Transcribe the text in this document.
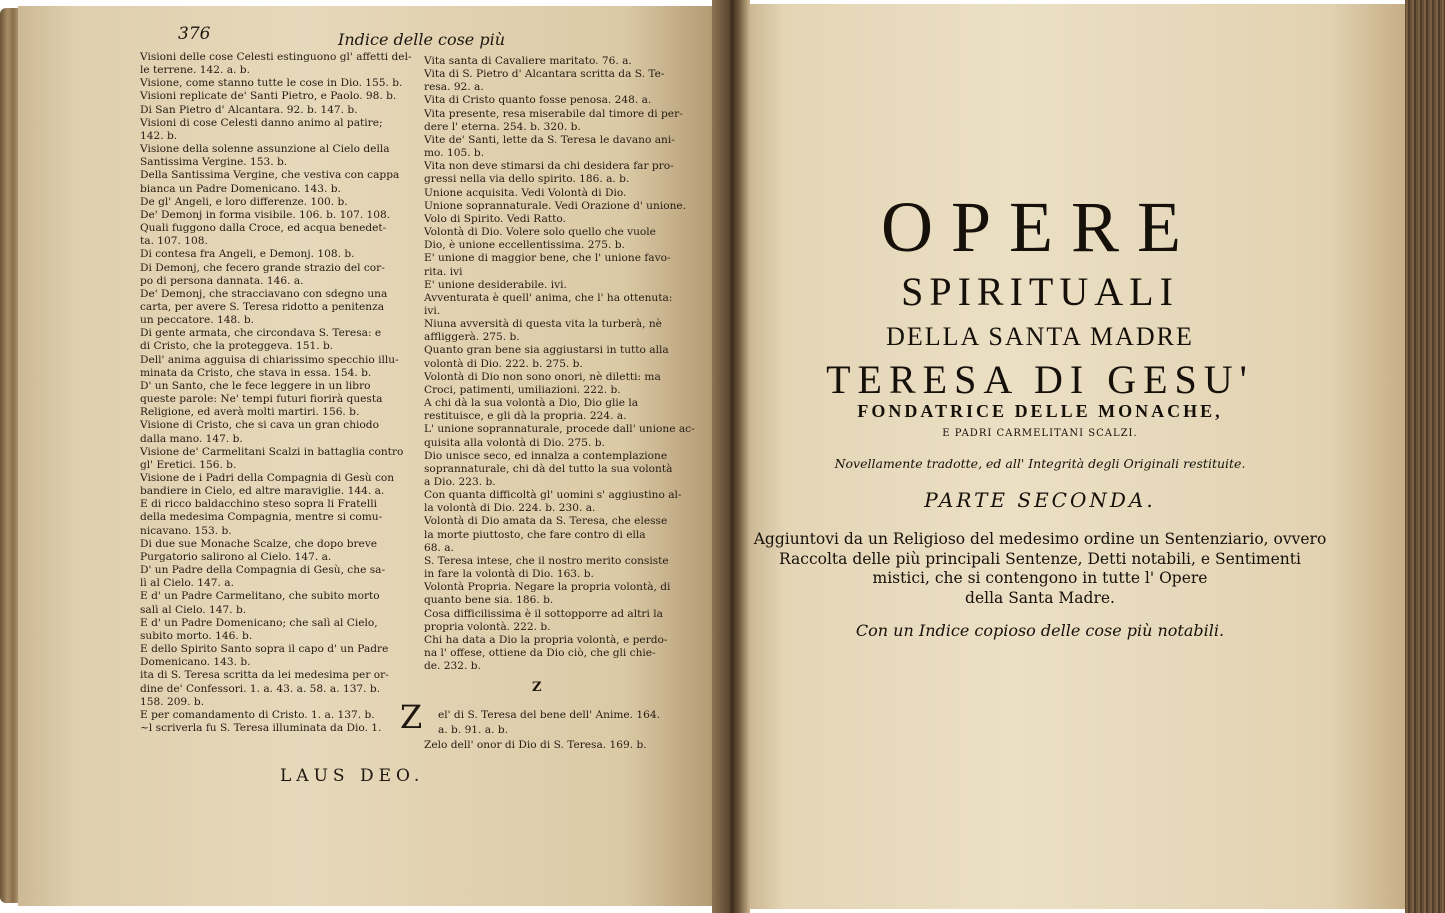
376	Indice delle cose più
Visioni delle cose Celesti estinguono gl' affetti del-
le terrene. 142. a. b.
Visione, come stanno tutte le cose in Dio. 155. b.
Visioni replicate de' Santi Pietro, e Paolo. 98. b.
Di San Pietro d' Alcantara. 92. b. 147. b.
Visioni di cose Celesti danno animo al patire;
142. b.
Visione della solenne assunzione al Cielo della
Santissima Vergine. 153. b.
Della Santissima Vergine, che vestiva con cappa
bianca un Padre Domenicano. 143. b.
De gl' Angeli, e loro differenze. 100. b.
De' Demonj in forma visibile. 106. b. 107. 108.
Quali fuggono dalla Croce, ed acqua benedet-
ta. 107. 108.
Di contesa fra Angeli, e Demonj. 108. b.
Di Demonj, che fecero grande strazio del cor-
po di persona dannata. 146. a.
De' Demonj, che stracciavano con sdegno una
carta, per avere S. Teresa ridotto a penitenza
un peccatore. 148. b.
Di gente armata, che circondava S. Teresa: e
di Cristo, che la proteggeva. 151. b.
Dell' anima agguisa di chiarissimo specchio illu-
minata da Cristo, che stava in essa. 154. b.
D' un Santo, che le fece leggere in un libro
queste parole: Ne' tempi futuri fiorirà questa
Religione, ed averà molti martiri. 156. b.
Visione di Cristo, che si cava un gran chiodo
dalla mano. 147. b.
Visione de' Carmelitani Scalzi in battaglia contro
gl' Eretici. 156. b.
Visione de i Padri della Compagnia di Gesù con
bandiere in Cielo, ed altre maraviglie. 144. a.
E di ricco baldacchino steso sopra li Fratelli
della medesima Compagnia, mentre si comu-
nicavano. 153. b.
Di due sue Monache Scalze, che dopo breve
Purgatorio salirono al Cielo. 147. a.
D' un Padre della Compagnia di Gesù, che sa-
lì al Cielo. 147. a.
E d' un Padre Carmelitano, che subito morto
salì al Cielo. 147. b.
E d' un Padre Domenicano; che salì al Cielo,
subito morto. 146. b.
E dello Spirito Santo sopra il capo d' un Padre
Domenicano. 143. b.
ita di S. Teresa scritta da lei medesima per or-
dine de' Confessori. 1. a. 43. a. 58. a. 137. b.
158. 209. b.
E per comandamento di Cristo. 1. a. 137. b.
~l scriverla fu S. Teresa illuminata da Dio. 1.
Vita santa di Cavaliere maritato. 76. a.
Vita di S. Pietro d' Alcantara scritta da S. Te-
resa. 92. a.
Vita di Cristo quanto fosse penosa. 248. a.
Vita presente, resa miserabile dal timore di per-
dere l' eterna. 254. b. 320. b.
Vite de' Santi, lette da S. Teresa le davano ani-
mo. 105. b.
Vita non deve stimarsi da chi desidera far pro-
gressi nella via dello spirito. 186. a. b.
Unione acquisita. Vedi Volontà di Dio.
Unione soprannaturale. Vedi Orazione d' unione.
Volo di Spirito. Vedi Ratto.
Volontà di Dio. Volere solo quello che vuole
Dio, è unione eccellentissima. 275. b.
E' unione di maggior bene, che l' unione favo-
rita. ivi
E' unione desiderabile. ivi.
Avventurata è quell' anima, che l' ha ottenuta:
ivi.
Niuna avversità di questa vita la turberà, nè
affliggerà. 275. b.
Quanto gran bene sia aggiustarsi in tutto alla
volontà di Dio. 222. b. 275. b.
Volontà di Dio non sono onori, nè diletti: ma
Croci, patimenti, umiliazioni. 222. b.
A chi dà la sua volontà a Dio, Dio glie la
restituisce, e gli dà la propria. 224. a.
L' unione soprannaturale, procede dall' unione ac-
quisita alla volontà di Dio. 275. b.
Dio unisce seco, ed innalza a contemplazione
soprannaturale, chi dà del tutto la sua volontà
a Dio. 223. b.
Con quanta difficoltà gl' uomini s' aggiustino al-
la volontà di Dio. 224. b. 230. a.
Volontà di Dio amata da S. Teresa, che elesse
la morte piuttosto, che fare contro di ella
68. a.
S. Teresa intese, che il nostro merito consiste
in fare la volontà di Dio. 163. b.
Volontà Propria. Negare la propria volontà, di
quanto bene sia. 186. b.
Cosa difficilissima è il sottopporre ad altri la
propria volontà. 222. b.
Chi ha data a Dio la propria volontà, e perdo-
na l' offese, ottiene da Dio ciò, che gli chie-
de. 232. b.
Z
Z	el' di S. Teresa del bene dell' Anime. 164.
a. b. 91. a. b.
Zelo dell' onor di Dio di S. Teresa. 169. b.
LAUS DEO.
OPERE
SPIRITUALI
DELLA SANTA MADRE
TERESA DI GESU'
FONDATRICE DELLE MONACHE,
E PADRI CARMELITANI SCALZI.
Novellamente tradotte, ed all' Integrità degli Originali restituite.
PARTE SECONDA.
Aggiuntovi da un Religioso del medesimo ordine un Sentenziario, ovvero
Raccolta delle più principali Sentenze, Detti notabili, e Sentimenti
mistici, che si contengono in tutte l' Opere
della Santa Madre.
Con un Indice copioso delle cose più notabili.
